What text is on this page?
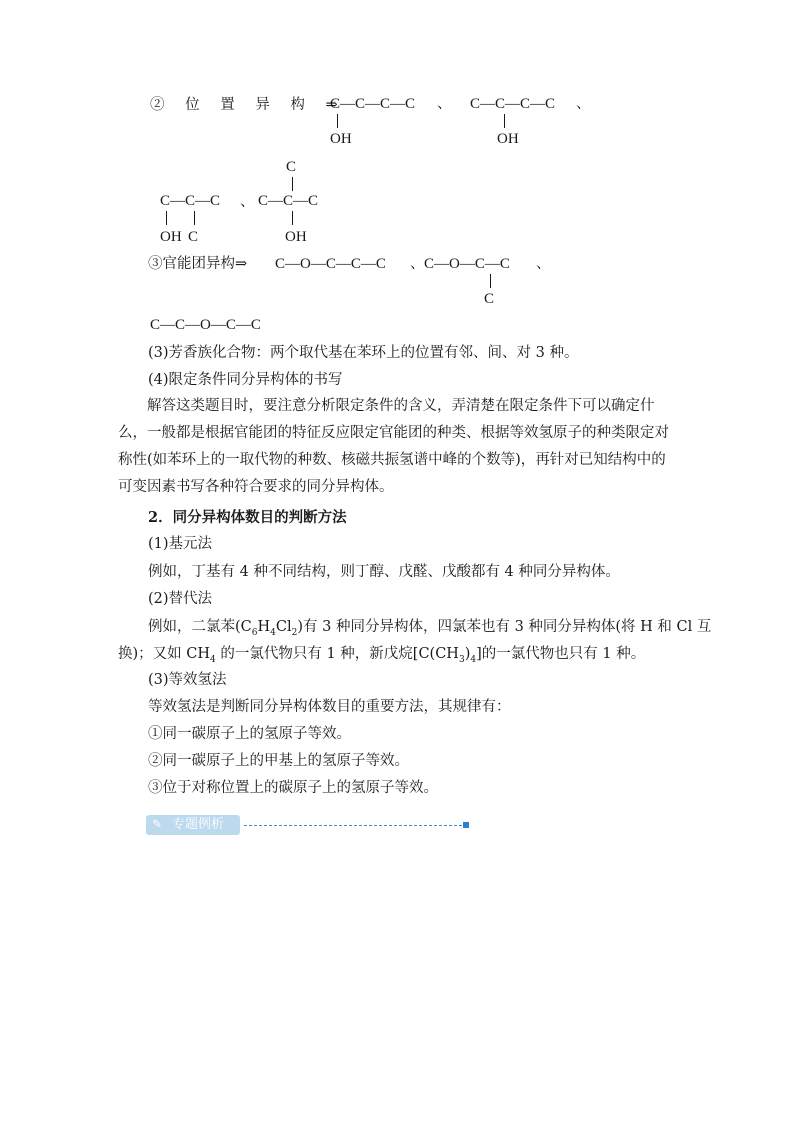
② 位 置 异 构 ⇒
C—C—C—C
OH
、 C—C—C—C
OH
、
C—C—C
OH C
、
C
C—C—C
OH
③官能团异构⇒ C—O—C—C—C 、 C—O—C—C
C
、
C—C—O—C—C
(3)芳香族化合物：两个取代基在苯环上的位置有邻、间、对 3 种。
(4)限定条件同分异构体的书写
解答这类题目时，要注意分析限定条件的含义，弄清楚在限定条件下可以确定什么，一般都是根据官能团的特征反应限定官能团的种类、根据等效氢原子的种类限定对称性(如苯环上的一取代物的种数、核磁共振氢谱中峰的个数等)，再针对已知结构中的可变因素书写各种符合要求的同分异构体。
2．同分异构体数目的判断方法
(1)基元法
例如，丁基有 4 种不同结构，则丁醇、戊醛、戊酸都有 4 种同分异构体。
(2)替代法
例如，二氯苯$(C_6H_4Cl_2)$有 3 种同分异构体，四氯苯也有 3 种同分异构体(将 H 和 Cl 互
换)；又如 $CH_4$ 的一氯代物只有 1 种，新戊烷$[C(CH_3)_4]$的一氯代物也只有 1 种。
(3)等效氢法
等效氢法是判断同分异构体数目的重要方法，其规律有：
①同一碳原子上的氢原子等效。
②同一碳原子上的甲基上的氢原子等效。
③位于对称位置上的碳原子上的氢原子等效。
✎ 专题例析
